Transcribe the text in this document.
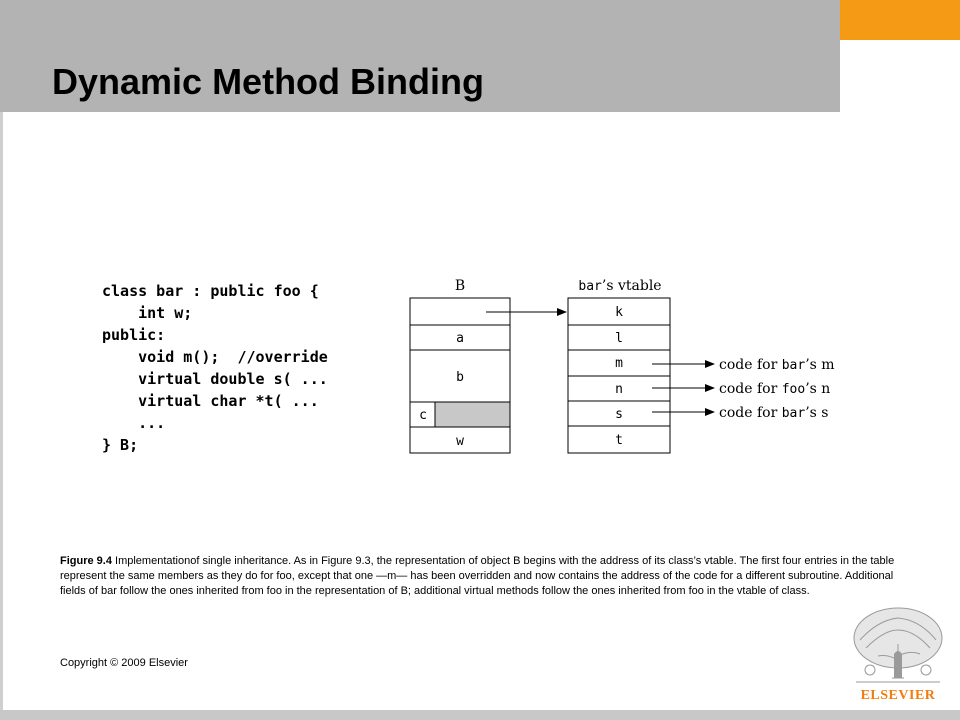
Dynamic Method Binding
class bar : public foo {
int w;
public:
void m();  //override
virtual double s( ...
virtual char *t( ...
...
} B;
B
a
b
c
w
bar’s vtable
k
l
m
n
s
t
code for bar’s m
code for foo’s n
code for bar’s s
Figure 9.4 Implementationof single inheritance. As in Figure 9.3, the representation of object B begins with the address of its class’s vtable. The first four entries in the table represent the same members as they do for foo, except that one —m— has been overridden and now contains the address of the code for a different subroutine. Additional fields of bar follow the ones inherited from foo in the representation of B; additional virtual methods follow the ones inherited from foo in the vtable of class.
Copyright © 2009 Elsevier
ELSEVIER
